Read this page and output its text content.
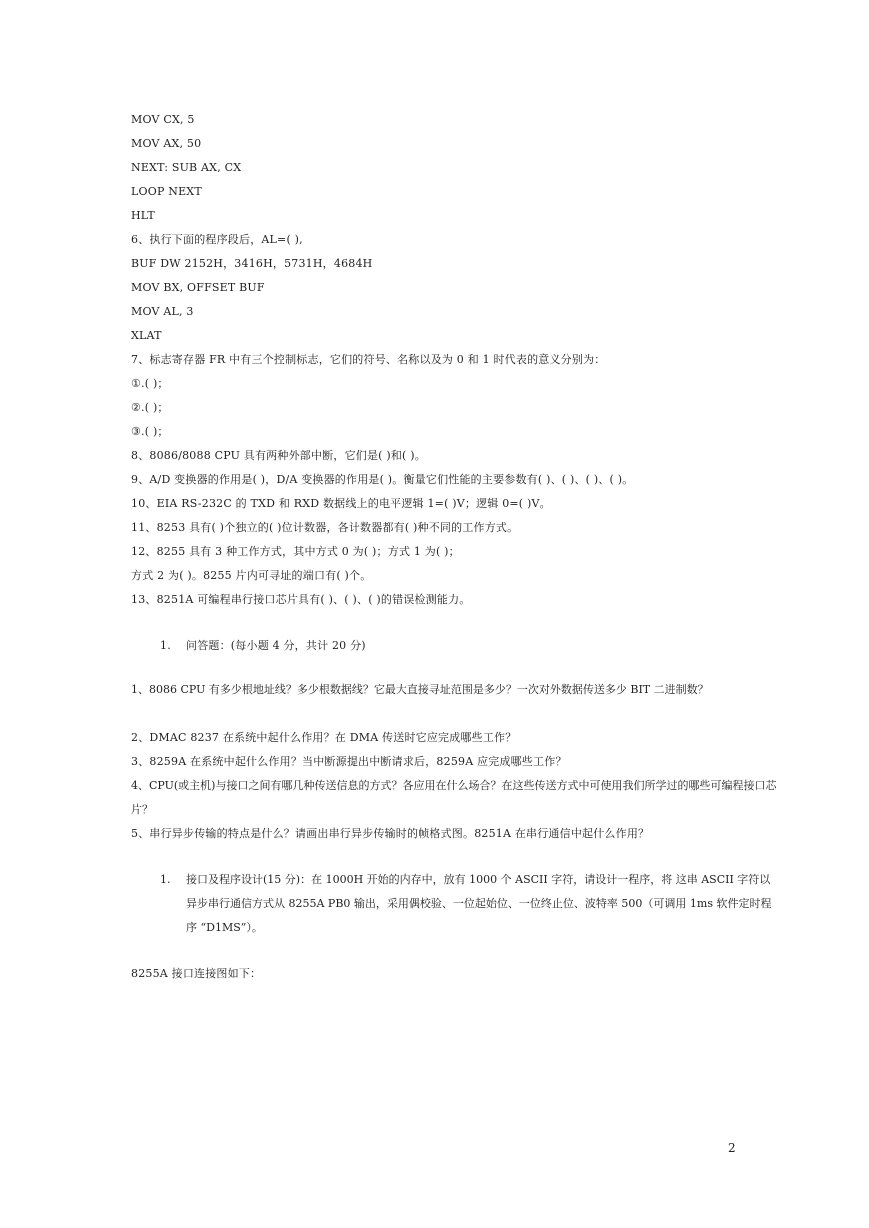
MOV CX, 5
MOV AX, 50
NEXT: SUB AX, CX
LOOP NEXT
HLT
6、执行下面的程序段后，AL=( ),
BUF DW 2152H，3416H，5731H，4684H
MOV BX, OFFSET BUF
MOV AL, 3
XLAT
7、标志寄存器 FR 中有三个控制标志，它们的符号、名称以及为 0 和 1 时代表的意义分别为：
①.( )；
②.( )；
③.( )；
8、8086/8088 CPU 具有两种外部中断，它们是( )和( )。
9、A/D 变换器的作用是( )，D/A 变换器的作用是( )。衡量它们性能的主要参数有( )、( )、( )、( )。
10、EIA RS-232C 的 TXD 和 RXD 数据线上的电平逻辑 1=( )V；逻辑 0=( )V。
11、8253 具有( )个独立的( )位计数器，各计数器都有( )种不同的工作方式。
12、8255 具有 3 种工作方式，其中方式 0 为( )；方式 1 为( )；
方式 2 为( )。8255 片内可寻址的端口有( )个。
13、8251A 可编程串行接口芯片具有( )、( )、( )的错误检测能力。
1. 问答题：(每小题 4 分，共计 20 分)
1、8086 CPU 有多少根地址线？多少根数据线？它最大直接寻址范围是多少？一次对外数据传送多少 BIT 二进制数？
2、DMAC 8237 在系统中起什么作用？在 DMA 传送时它应完成哪些工作？
3、8259A 在系统中起什么作用？当中断源提出中断请求后，8259A 应完成哪些工作？
4、CPU(或主机)与接口之间有哪几种传送信息的方式？各应用在什么场合？在这些传送方式中可使用我们所学过的哪些可编程接口芯片？
5、串行异步传输的特点是什么？请画出串行异步传输时的帧格式图。8251A 在串行通信中起什么作用？
1. 接口及程序设计(15 分)：在 1000H 开始的内存中，放有 1000 个 ASCII 字符，请设计一程序，将 这串 ASCII 字符以异步串行通信方式从 8255A PB0 输出，采用偶校验、一位起始位、一位终止位、波特率 500（可调用 1ms 软件定时程序 “D1MS”）。
8255A 接口连接图如下：
2
